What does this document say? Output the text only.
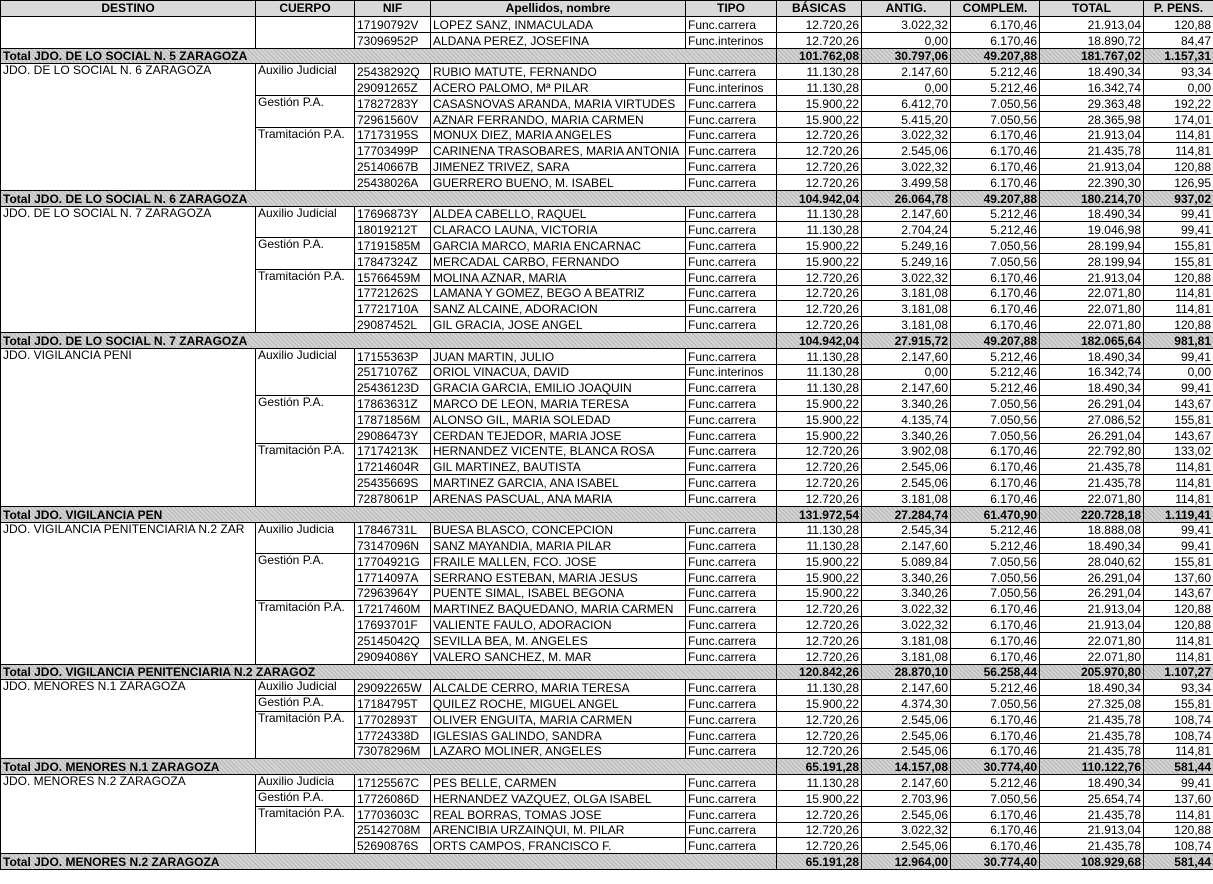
DESTINO	CUERPO	NIF	Apellidos, nombre	TIPO	BÁSICAS	ANTIG.	COMPLEM.	TOTAL	P. PENS.
		17190792V	LOPEZ SANZ, INMACULADA	Func.carrera	12.720,26	3.022,32	6.170,46	21.913,04	120,88
		73096952P	ALDANA PEREZ, JOSEFINA	Func.interinos	12.720,26	0,00	6.170,46	18.890,72	84,47
Total JDO. DE LO SOCIAL N. 5 ZARAGOZA					101.762,08	30.797,06	49.207,88	181.767,02	1.157,31
JDO. DE LO SOCIAL N. 6 ZARAGOZA	Auxilio Judicial	25438292Q	RUBIO MATUTE, FERNANDO	Func.carrera	11.130,28	2.147,60	5.212,46	18.490,34	93,34
		29091265Z	ACERO PALOMO, Mª PILAR	Func.interinos	11.130,28	0,00	5.212,46	16.342,74	0,00
	Gestión P.A.	17827283Y	CASASNOVAS ARANDA, MARIA VIRTUDES	Func.carrera	15.900,22	6.412,70	7.050,56	29.363,48	192,22
		72961560V	AZNAR FERRANDO, MARIA CARMEN	Func.carrera	15.900,22	5.415,20	7.050,56	28.365,98	174,01
	Tramitación P.A.	17173195S	MONUX DIEZ, MARIA ANGELES	Func.carrera	12.720,26	3.022,32	6.170,46	21.913,04	114,81
		17703499P	CARINENA TRASOBARES, MARIA ANTONIA	Func.carrera	12.720,26	2.545,06	6.170,46	21.435,78	114,81
		25140667B	JIMENEZ TRIVEZ, SARA	Func.carrera	12.720,26	3.022,32	6.170,46	21.913,04	120,88
		25438026A	GUERRERO BUENO, M. ISABEL	Func.carrera	12.720,26	3.499,58	6.170,46	22.390,30	126,95
Total JDO. DE LO SOCIAL N. 6 ZARAGOZA					104.942,04	26.064,78	49.207,88	180.214,70	937,02
JDO. DE LO SOCIAL N. 7 ZARAGOZA	Auxilio Judicial	17696873Y	ALDEA CABELLO, RAQUEL	Func.carrera	11.130,28	2.147,60	5.212,46	18.490,34	99,41
		18019212T	CLARACO LAUNA, VICTORIA	Func.carrera	11.130,28	2.704,24	5.212,46	19.046,98	99,41
	Gestión P.A.	17191585M	GARCIA MARCO, MARIA ENCARNAC	Func.carrera	15.900,22	5.249,16	7.050,56	28.199,94	155,81
		17847324Z	MERCADAL CARBO, FERNANDO	Func.carrera	15.900,22	5.249,16	7.050,56	28.199,94	155,81
	Tramitación P.A.	15766459M	MOLINA AZNAR, MARIA	Func.carrera	12.720,26	3.022,32	6.170,46	21.913,04	120,88
		17721262S	LAMANA Y GOMEZ, BEGO A BEATRIZ	Func.carrera	12.720,26	3.181,08	6.170,46	22.071,80	114,81
		17721710A	SANZ ALCAINE, ADORACION	Func.carrera	12.720,26	3.181,08	6.170,46	22.071,80	114,81
		29087452L	GIL GRACIA, JOSE ANGEL	Func.carrera	12.720,26	3.181,08	6.170,46	22.071,80	120,88
Total JDO. DE LO SOCIAL N. 7 ZARAGOZA					104.942,04	27.915,72	49.207,88	182.065,64	981,81
JDO. VIGILANCIA PENI	Auxilio Judicial	17155363P	JUAN MARTIN, JULIO	Func.carrera	11.130,28	2.147,60	5.212,46	18.490,34	99,41
		25171076Z	ORIOL VINACUA, DAVID	Func.interinos	11.130,28	0,00	5.212,46	16.342,74	0,00
		25436123D	GRACIA GARCIA, EMILIO JOAQUIN	Func.carrera	11.130,28	2.147,60	5.212,46	18.490,34	99,41
	Gestión P.A.	17863631Z	MARCO DE LEON, MARIA TERESA	Func.carrera	15.900,22	3.340,26	7.050,56	26.291,04	143,67
		17871856M	ALONSO GIL, MARIA SOLEDAD	Func.carrera	15.900,22	4.135,74	7.050,56	27.086,52	155,81
		29086473Y	CERDAN TEJEDOR, MARIA JOSE	Func.carrera	15.900,22	3.340,26	7.050,56	26.291,04	143,67
	Tramitación P.A.	17174213K	HERNANDEZ VICENTE, BLANCA ROSA	Func.carrera	12.720,26	3.902,08	6.170,46	22.792,80	133,02
		17214604R	GIL MARTINEZ, BAUTISTA	Func.carrera	12.720,26	2.545,06	6.170,46	21.435,78	114,81
		25435669S	MARTINEZ GARCIA, ANA ISABEL	Func.carrera	12.720,26	2.545,06	6.170,46	21.435,78	114,81
		72878061P	ARENAS PASCUAL, ANA MARIA	Func.carrera	12.720,26	3.181,08	6.170,46	22.071,80	114,81
Total JDO. VIGILANCIA PEN					131.972,54	27.284,74	61.470,90	220.728,18	1.119,41
JDO. VIGILANCIA PENITENCIARIA N.2 ZAR	Auxilio Judicia	17846731L	BUESA BLASCO, CONCEPCION	Func.carrera	11.130,28	2.545,34	5.212,46	18.888,08	99,41
		73147096N	SANZ MAYANDIA, MARIA PILAR	Func.carrera	11.130,28	2.147,60	5.212,46	18.490,34	99,41
	Gestión P.A.	17704921G	FRAILE MALLEN, FCO. JOSE	Func.carrera	15.900,22	5.089,84	7.050,56	28.040,62	155,81
		17714097A	SERRANO ESTEBAN, MARIA JESUS	Func.carrera	15.900,22	3.340,26	7.050,56	26.291,04	137,60
		72963964Y	PUENTE SIMAL, ISABEL BEGONA	Func.carrera	15.900,22	3.340,26	7.050,56	26.291,04	143,67
	Tramitación P.A.	17217460M	MARTINEZ BAQUEDANO, MARIA CARMEN	Func.carrera	12.720,26	3.022,32	6.170,46	21.913,04	120,88
		17693701F	VALIENTE FAULO, ADORACION	Func.carrera	12.720,26	3.022,32	6.170,46	21.913,04	120,88
		25145042Q	SEVILLA BEA, M. ANGELES	Func.carrera	12.720,26	3.181,08	6.170,46	22.071,80	114,81
		29094086Y	VALERO SANCHEZ, M. MAR	Func.carrera	12.720,26	3.181,08	6.170,46	22.071,80	114,81
Total JDO. VIGILANCIA PENITENCIARIA N.2 ZARAGOZ					120.842,26	28.870,10	56.258,44	205.970,80	1.107,27
JDO. MENORES N.1 ZARAGOZA	Auxilio Judicial	29092265W	ALCALDE CERRO, MARIA TERESA	Func.carrera	11.130,28	2.147,60	5.212,46	18.490,34	93,34
	Gestión P.A.	17184795T	QUILEZ ROCHE, MIGUEL ANGEL	Func.carrera	15.900,22	4.374,30	7.050,56	27.325,08	155,81
	Tramitación P.A.	17702893T	OLIVER ENGUITA, MARIA CARMEN	Func.carrera	12.720,26	2.545,06	6.170,46	21.435,78	108,74
		17724338D	IGLESIAS GALINDO, SANDRA	Func.carrera	12.720,26	2.545,06	6.170,46	21.435,78	108,74
		73078296M	LAZARO MOLINER, ANGELES	Func.carrera	12.720,26	2.545,06	6.170,46	21.435,78	114,81
Total JDO. MENORES N.1 ZARAGOZA					65.191,28	14.157,08	30.774,40	110.122,76	581,44
JDO. MENORES N.2 ZARAGOZA	Auxilio Judicia	17125567C	PES BELLE, CARMEN	Func.carrera	11.130,28	2.147,60	5.212,46	18.490,34	99,41
	Gestión P.A.	17726086D	HERNANDEZ VAZQUEZ, OLGA ISABEL	Func.carrera	15.900,22	2.703,96	7.050,56	25.654,74	137,60
	Tramitación P.A.	17703603C	REAL BORRAS, TOMAS JOSE	Func.carrera	12.720,26	2.545,06	6.170,46	21.435,78	114,81
		25142708M	ARENCIBIA URZAINQUI, M. PILAR	Func.carrera	12.720,26	3.022,32	6.170,46	21.913,04	120,88
		52690876S	ORTS CAMPOS, FRANCISCO F.	Func.carrera	12.720,26	2.545,06	6.170,46	21.435,78	108,74
Total JDO. MENORES N.2 ZARAGOZA					65.191,28	12.964,00	30.774,40	108.929,68	581,44
